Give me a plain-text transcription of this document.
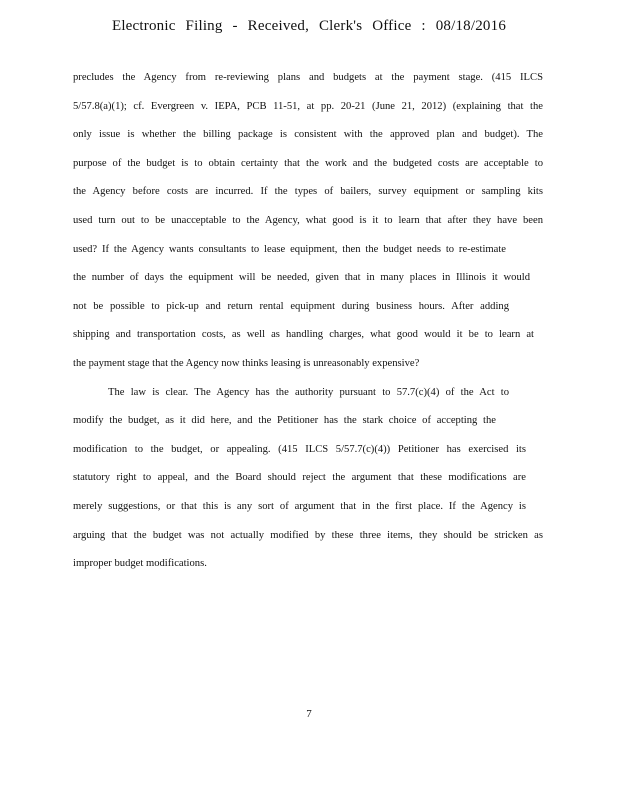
Electronic Filing - Received, Clerk's Office : 08/18/2016
precludes the Agency from re-reviewing plans and budgets at the payment stage. (415 ILCS
5/57.8(a)(1); cf. Evergreen v. IEPA, PCB 11-51, at pp. 20-21 (June 21, 2012) (explaining that the
only issue is whether the billing package is consistent with the approved plan and budget). The
purpose of the budget is to obtain certainty that the work and the budgeted costs are acceptable to
the Agency before costs are incurred. If the types of bailers, survey equipment or sampling kits
used turn out to be unacceptable to the Agency, what good is it to learn that after they have been
used? If the Agency wants consultants to lease equipment, then the budget needs to re-estimate
the number of days the equipment will be needed, given that in many places in Illinois it would
not be possible to pick-up and return rental equipment during business hours. After adding
shipping and transportation costs, as well as handling charges, what good would it be to learn at
the payment stage that the Agency now thinks leasing is unreasonably expensive?
The law is clear. The Agency has the authority pursuant to 57.7(c)(4) of the Act to
modify the budget, as it did here, and the Petitioner has the stark choice of accepting the
modification to the budget, or appealing. (415 ILCS 5/57.7(c)(4)) Petitioner has exercised its
statutory right to appeal, and the Board should reject the argument that these modifications are
merely suggestions, or that this is any sort of argument that in the first place. If the Agency is
arguing that the budget was not actually modified by these three items, they should be stricken as
improper budget modifications.
7
